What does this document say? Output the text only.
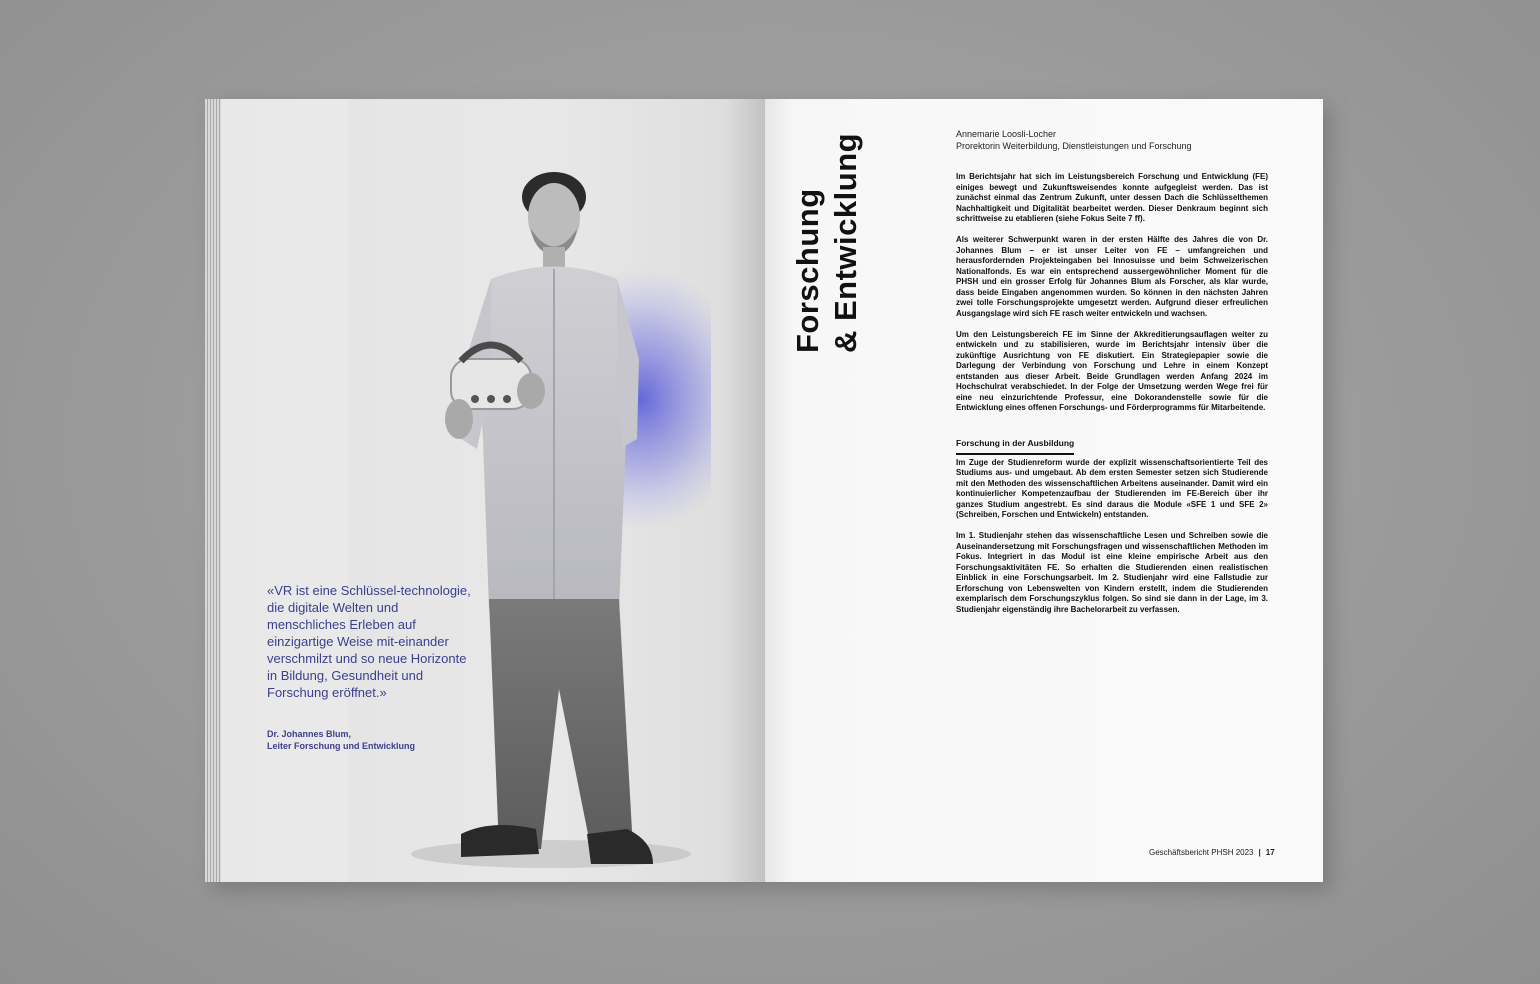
«VR ist eine Schlüssel-technologie, die digitale Welten und menschliches Erleben auf einzigartige Weise mit-einander verschmilzt und so neue Horizonte in Bildung, Gesundheit und Forschung eröffnet.»
Dr. Johannes Blum,
Leiter Forschung und Entwicklung
Forschung
& Entwicklung	Annemarie Loosli-Locher
Prorektorin Weiterbildung, Dienstleistungen und Forschung

Im Berichtsjahr hat sich im Leistungsbereich Forschung und Entwicklung (FE) einiges bewegt und Zukunftsweisendes konnte aufgegleist werden. Das ist zunächst einmal das Zentrum Zukunft, unter dessen Dach die Schlüsselthemen Nachhaltigkeit und Digitalität bearbeitet werden. Dieser Denkraum beginnt sich schrittweise zu etablieren (siehe Fokus Seite 7 ff).

Als weiterer Schwerpunkt waren in der ersten Hälfte des Jahres die von Dr. Johannes Blum – er ist unser Leiter von FE – umfangreichen und herausfordernden Projekteingaben bei Innosuisse und beim Schweizerischen Nationalfonds. Es war ein entsprechend aussergewöhnlicher Moment für die PHSH und ein grosser Erfolg für Johannes Blum als Forscher, als klar wurde, dass beide Eingaben angenommen wurden. So können in den nächsten Jahren zwei tolle Forschungsprojekte umgesetzt werden. Aufgrund dieser erfreulichen Ausgangslage wird sich FE rasch weiter entwickeln und wachsen.

Um den Leistungsbereich FE im Sinne der Akkreditierungsauflagen weiter zu entwickeln und zu stabilisieren, wurde im Berichtsjahr intensiv über die zukünftige Ausrichtung von FE diskutiert. Ein Strategiepapier sowie die Darlegung der Verbindung von Forschung und Lehre in einem Konzept entstanden aus dieser Arbeit. Beide Grundlagen werden Anfang 2024 im Hochschulrat verabschiedet. In der Folge der Umsetzung werden Wege frei für eine neu einzurichtende Professur, eine Dokorandenstelle sowie für die Entwicklung eines offenen Forschungs- und Förderprogramms für Mitarbeitende.

Forschung in der Ausbildung

Im Zuge der Studienreform wurde der explizit wissenschaftsorientierte Teil des Studiums aus- und umgebaut. Ab dem ersten Semester setzen sich Studierende mit den Methoden des wissenschaftlichen Arbeitens auseinander. Damit wird ein kontinuierlicher Kompetenzaufbau der Studierenden im FE-Bereich über ihr ganzes Studium angestrebt. Es sind daraus die Module «SFE 1 und SFE 2» (Schreiben, Forschen und Entwickeln) entstanden.

Im 1. Studienjahr stehen das wissenschaftliche Lesen und Schreiben sowie die Auseinandersetzung mit Forschungsfragen und wissenschaftlichen Methoden im Fokus. Integriert in das Modul ist eine kleine empirische Arbeit aus den Forschungsaktivitäten FE. So erhalten die Studierenden einen realistischen Einblick in eine Forschungsarbeit. Im 2. Studienjahr wird eine Fallstudie zur Erforschung von Lebenswelten von Kindern erstellt, indem die Studierenden exemplarisch dem Forschungszyklus folgen. So sind sie dann in der Lage, im 3. Studienjahr eigenständig ihre Bachelorarbeit zu verfassen.

Geschäftsbericht PHSH 2023 | 17
